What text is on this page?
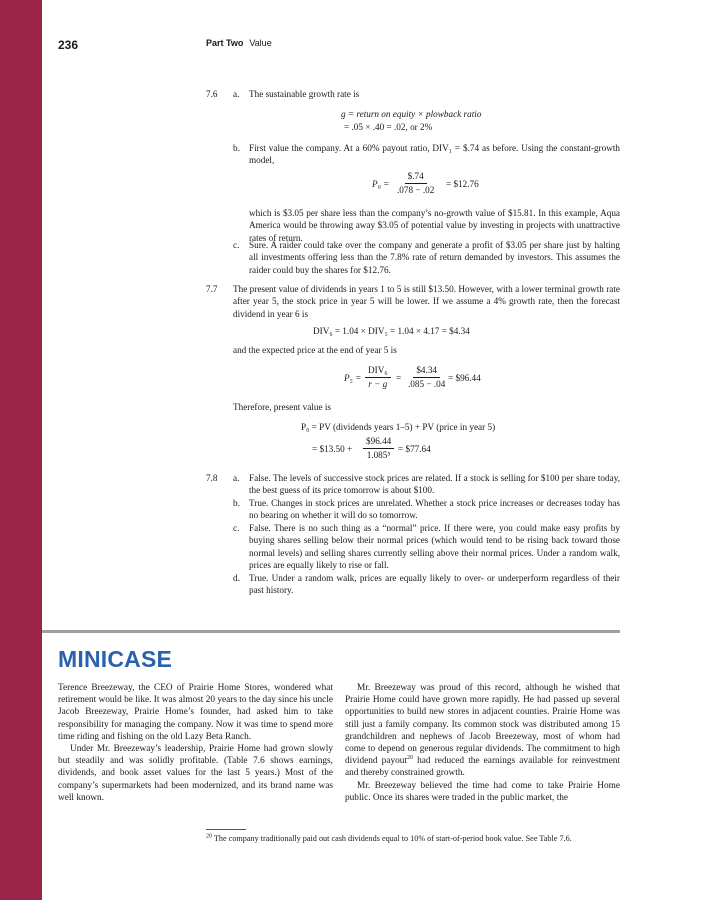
236	Part Two Value
7.6 a. The sustainable growth rate is
g = return on equity × plowback ratio
= .05 × .40 = .02, or 2%
b. First value the company. At a 60% payout ratio, DIV₁ = $.74 as before. Using the constant-growth model,
$P_0 = \frac{\$.74}{.078 - .02}$ = $12.76
which is $3.05 per share less than the company’s no-growth value of $15.81. In this example, Aqua America would be throwing away $3.05 of potential value by investing in projects with unattractive rates of return.
c. Sure. A raider could take over the company and generate a profit of $3.05 per share just by halting all investments offering less than the 7.8% rate of return demanded by investors. This assumes the raider could buy the shares for $12.76.
7.7 The present value of dividends in years 1 to 5 is still $13.50. However, with a lower terminal growth rate after year 5, the stock price in year 5 will be lower. If we assume a 4% growth rate, then the forecast dividend in year 6 is
DIV₆ = 1.04 × DIV₅ = 1.04 × 4.17 = $4.34
and the expected price at the end of year 5 is
P₅ =
DIV₆
r − g
= $\frac{\$4.34}{.085 - .04}$ = $96.44
Therefore, present value is
P₀ = PV (dividends years 1–5) + PV (price in year 5)
= $13.50 + $\frac{\$96.44}{\text{1.085⁵}}$ = $77.64
7.8 a. False. The levels of successive stock prices are related. If a stock is selling for $100 per share today, the best guess of its price tomorrow is about $100.
b. True. Changes in stock prices are unrelated. Whether a stock price increases or decreases today has no bearing on whether it will do so tomorrow.
c. False. There is no such thing as a “normal” price. If there were, you could make easy profits by buying shares selling below their normal prices (which would tend to be rising back toward those normal levels) and selling shares currently selling above their normal prices. Under a random walk, prices are equally likely to rise or fall.
d. True. Under a random walk, prices are equally likely to over- or underperform regardless of their past history.
MINICASE

Terence Breezeway, the CEO of Prairie Home Stores, wondered what retirement would be like. It was almost 20 years to the day since his uncle Jacob Breezeway, Prairie Home’s founder, had asked him to take responsibility for managing the company. Now it was time to spend more time riding and fishing on the old Lazy Beta Ranch.

Under Mr. Breezeway’s leadership, Prairie Home had grown slowly but steadily and was solidly profitable. (Table 7.6 shows earnings, dividends, and book asset values for the last 5 years.) Most of the company’s supermarkets had been modernized, and its brand name was well known.

Mr. Breezeway was proud of this record, although he wished that Prairie Home could have grown more rapidly. He had passed up several opportunities to build new stores in adjacent counties. Prairie Home was still just a family company. Its common stock was distributed among 15 grandchildren and nephews of Jacob Breezeway, most of whom had come to depend on generous regular dividends. The commitment to high dividend payout$^{20}$ had reduced the earnings available for reinvestment and thereby constrained growth.

Mr. Breezeway believed the time had come to take Prairie Home public. Once its shares were traded in the public market, the

$^{20}$ The company traditionally paid out cash dividends equal to 10% of start-of-period book value. See Table 7.6.
